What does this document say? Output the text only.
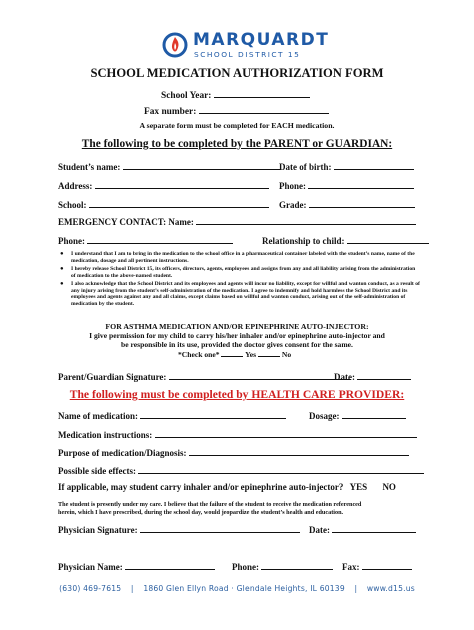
MARQUARDT
SCHOOL DISTRICT 15
SCHOOL MEDICATION AUTHORIZATION FORM
School Year:
Fax number:
A separate form must be completed for EACH medication.
The following to be completed by the PARENT or GUARDIAN:
Student’s name:	Date of birth:
Address:	Phone:
School:	Grade:
EMERGENCY CONTACT: Name:
Phone:	Relationship to child:
● I understand that I am to bring in the medication to the school office in a pharmaceutical container labeled with the student’s name, name of the medication, dosage and all pertinent instructions.
● I hereby release School District 15, its officers, directors, agents, employees and assigns from any and all liability arising from the administration of medication to the above-named student.
● I also acknowledge that the School District and its employees and agents will incur no liability, except for willful and wanton conduct, as a result of any injury arising from the student’s self-administration of the medication. I agree to indemnify and hold harmless the School District and its employees and agents against any and all claims, except claims based on willful and wanton conduct, arising out of the self-administration of medication by the student.
FOR ASTHMA MEDICATION AND/OR EPINEPHRINE AUTO-INJECTOR:
I give permission for my child to carry his/her inhaler and/or epinephrine auto-injector and
be responsible in its use, provided the doctor gives consent for the same.
*Check one*	Yes	No
Parent/Guardian Signature:	Date:
The following must be completed by HEALTH CARE PROVIDER:
Name of medication:	Dosage:
Medication instructions:
Purpose of medication/Diagnosis:
Possible side effects:
If applicable, may student carry inhaler and/or epinephrine auto-injector? YES NO
The student is presently under my care. I believe that the failure of the student to receive the medication referenced
herein, which I have prescribed, during the school day, would jeopardize the student’s health and education.
Physician Signature:	Date:
Physician Name:	Phone:	Fax:
(630) 469-7615 | 1860 Glen Ellyn Road · Glendale Heights, IL 60139 | www.d15.us
